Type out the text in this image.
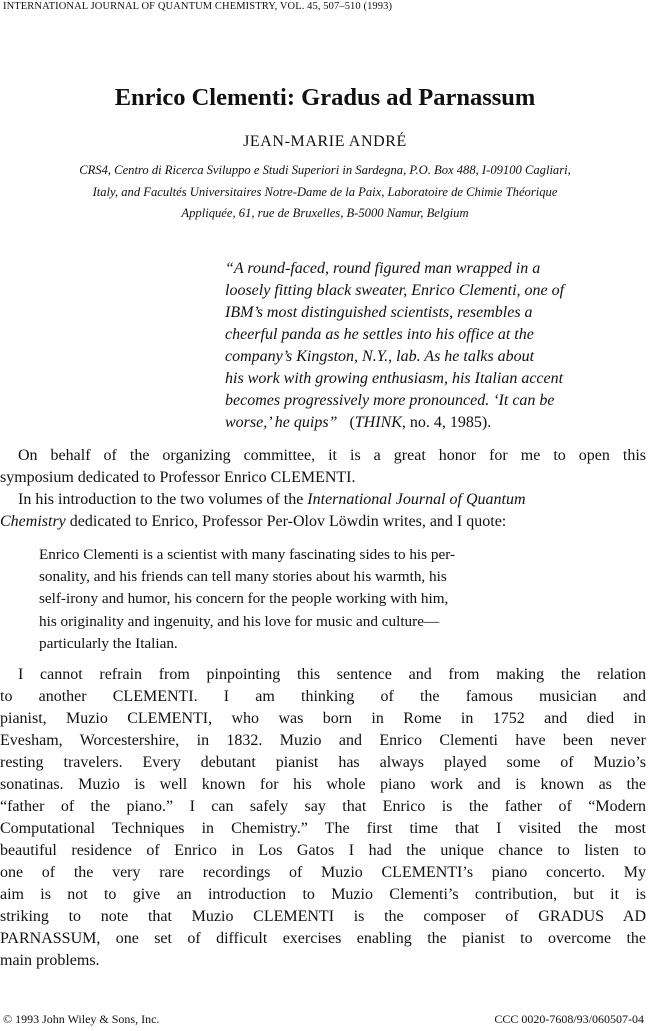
INTERNATIONAL JOURNAL OF QUANTUM CHEMISTRY, VOL. 45, 507–510 (1993)
Enrico Clementi: Gradus ad Parnassum
JEAN-MARIE ANDRÉ
CRS4, Centro di Ricerca Sviluppo e Studi Superiori in Sardegna, P.O. Box 488, I-09100 Cagliari,
Italy, and Facultés Universitaires Notre-Dame de la Paix, Laboratoire de Chimie Théorique
Appliquée, 61, rue de Bruxelles, B-5000 Namur, Belgium
“A round-faced, round figured man wrapped in a
loosely fitting black sweater, Enrico Clementi, one of
IBM’s most distinguished scientists, resembles a
cheerful panda as he settles into his office at the
company’s Kingston, N.Y., lab. As he talks about
his work with growing enthusiasm, his Italian accent
becomes progressively more pronounced. ‘It can be
worse,’ he quips” (THINK, no. 4, 1985).
On behalf of the organizing committee, it is a great honor for me to open this
symposium dedicated to Professor Enrico CLEMENTI.
In his introduction to the two volumes of the International Journal of Quantum
Chemistry dedicated to Enrico, Professor Per-Olov Löwdin writes, and I quote:
Enrico Clementi is a scientist with many fascinating sides to his per-
sonality, and his friends can tell many stories about his warmth, his
self-irony and humor, his concern for the people working with him,
his originality and ingenuity, and his love for music and culture—
particularly the Italian.
I cannot refrain from pinpointing this sentence and from making the relation
to another CLEMENTI. I am thinking of the famous musician and
pianist, Muzio CLEMENTI, who was born in Rome in 1752 and died in
Evesham, Worcestershire, in 1832. Muzio and Enrico Clementi have been never
resting travelers. Every debutant pianist has always played some of Muzio’s
sonatinas. Muzio is well known for his whole piano work and is known as the
“father of the piano.” I can safely say that Enrico is the father of “Modern
Computational Techniques in Chemistry.” The first time that I visited the most
beautiful residence of Enrico in Los Gatos I had the unique chance to listen to
one of the very rare recordings of Muzio CLEMENTI’s piano concerto. My
aim is not to give an introduction to Muzio Clementi’s contribution, but it is
striking to note that Muzio CLEMENTI is the composer of GRADUS AD
PARNASSUM, one set of difficult exercises enabling the pianist to overcome the
main problems.
© 1993 John Wiley & Sons, Inc.	CCC 0020-7608/93/060507-04
